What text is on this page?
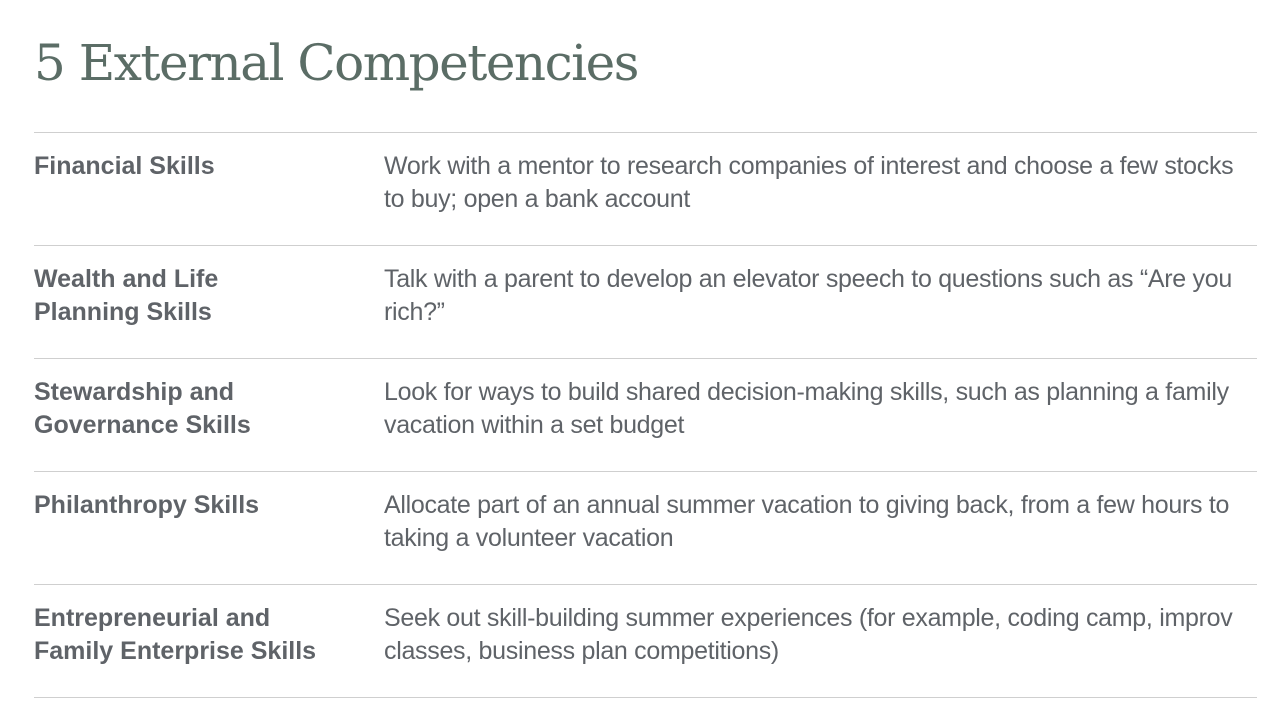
5 External Competencies
Financial Skills	Work with a mentor to research companies of interest and choose a few stocks to buy; open a bank account
Wealth and Life
Planning Skills
Talk with a parent to develop an elevator speech to questions such as “Are you rich?”
Stewardship and
Governance Skills
Look for ways to build shared decision-making skills, such as planning a family vacation within a set budget
Philanthropy Skills	Allocate part of an annual summer vacation to giving back, from a few hours to taking a volunteer vacation
Entrepreneurial and
Family Enterprise Skills
Seek out skill-building summer experiences (for example, coding camp, improv classes, business plan competitions)
